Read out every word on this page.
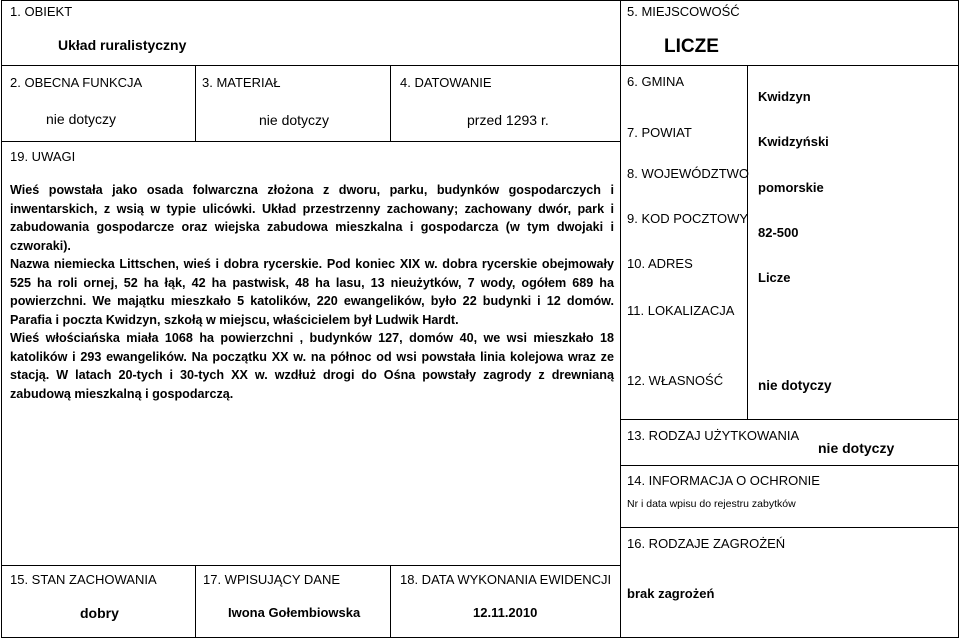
1. OBIEKT
Układ ruralistyczny
5. MIEJSCOWOŚĆ
LICZE
2. OBECNA FUNKCJA
nie dotyczy
3. MATERIAŁ
nie dotyczy
4. DATOWANIE
przed 1293 r.
6. GMINA
Kwidzyn
7. POWIAT
Kwidzyński
8. WOJEWÓDZTWO
pomorskie
9. KOD POCZTOWY
82-500
10. ADRES
Licze
11. LOKALIZACJA
12. WŁASNOŚĆ	nie dotyczy
19. UWAGI

Wieś powstała jako osada folwarczna złożona z dworu, parku, budynków gospodarczych i inwentarskich, z wsią w typie ulicówki. Układ przestrzenny zachowany; zachowany dwór, park i zabudowania gospodarcze oraz wiejska zabudowa mieszkalna i gospodarcza (w tym dwojaki i czworaki).

Nazwa niemiecka Littschen, wieś i dobra rycerskie. Pod koniec XIX w. dobra rycerskie obejmowały 525 ha roli ornej, 52 ha łąk, 42 ha pastwisk, 48 ha lasu, 13 nieużytków, 7 wody, ogółem 689 ha powierzchni. We majątku mieszkało 5 katolików, 220 ewangelików, było 22 budynki i 12 domów. Parafia i poczta Kwidzyn, szkołą w miejscu, właścicielem był Ludwik Hardt.

Wieś włościańska miała 1068 ha powierzchni , budynków 127, domów 40, we wsi mieszkało 18 katolików i 293 ewangelików. Na początku XX w. na północ od wsi powstała linia kolejowa wraz ze stacją. W latach 20-tych i 30-tych XX w. wzdłuż drogi do Ośna powstały zagrody z drewnianą zabudową mieszkalną i gospodarczą.

13. RODZAJ UŻYTKOWANIA
nie dotyczy
14. INFORMACJA O OCHRONIE
Nr i data wpisu do rejestru zabytków
16. RODZAJE ZAGROŻEŃ
brak zagrożeń
15. STAN ZACHOWANIA
dobry
17. WPISUJĄCY DANE
Iwona Gołembiowska
18. DATA WYKONANIA EWIDENCJI
12.11.2010
